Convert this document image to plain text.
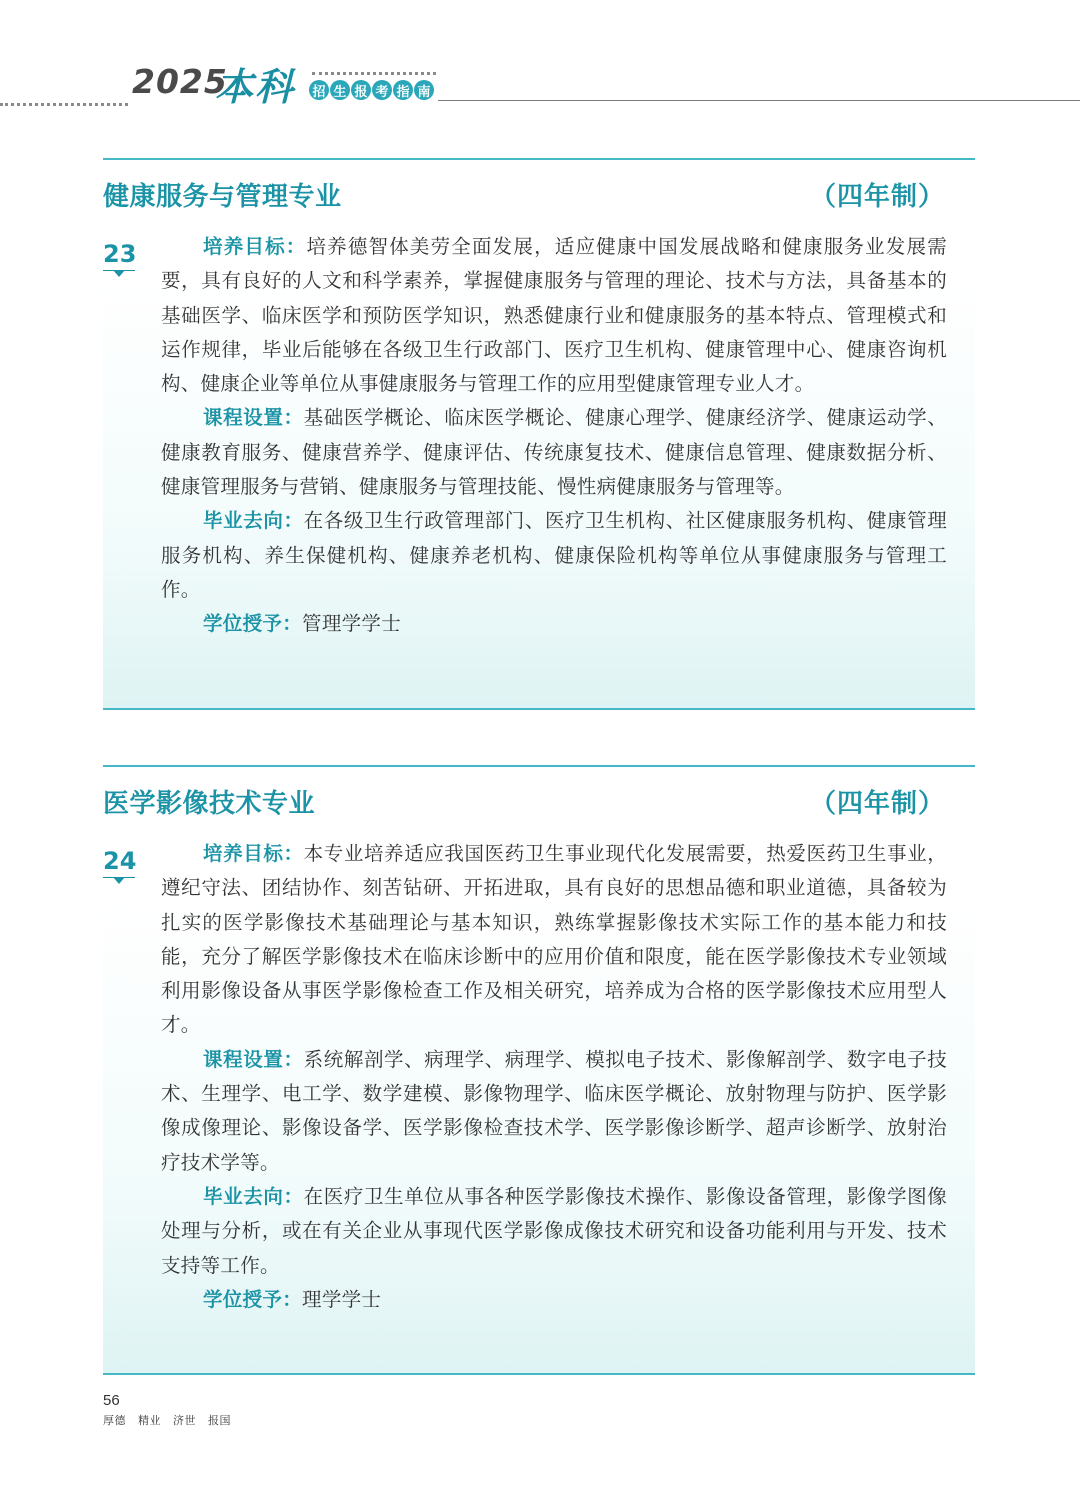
2025
本科 招 生 报 考 指 南
健康服务与管理专业	（四年制）
23	培养目标：培养德智体美劳全面发展，适应健康中国发展战略和健康服务业发展需要，具有良好的人文和科学素养，掌握健康服务与管理的理论、技术与方法，具备基本的基础医学、临床医学和预防医学知识，熟悉健康行业和健康服务的基本特点、管理模式和运作规律，毕业后能够在各级卫生行政部门、医疗卫生机构、健康管理中心、健康咨询机构、健康企业等单位从事健康服务与管理工作的应用型健康管理专业人才。

课程设置：基础医学概论、临床医学概论、健康心理学、健康经济学、健康运动学、健康教育服务、健康营养学、健康评估、传统康复技术、健康信息管理、健康数据分析、健康管理服务与营销、健康服务与管理技能、慢性病健康服务与管理等。

毕业去向：在各级卫生行政管理部门、医疗卫生机构、社区健康服务机构、健康管理服务机构、养生保健机构、健康养老机构、健康保险机构等单位从事健康服务与管理工作。

学位授予：管理学学士

医学影像技术专业	（四年制）
24	培养目标：本专业培养适应我国医药卫生事业现代化发展需要，热爱医药卫生事业，遵纪守法、团结协作、刻苦钻研、开拓进取，具有良好的思想品德和职业道德，具备较为扎实的医学影像技术基础理论与基本知识，熟练掌握影像技术实际工作的基本能力和技能，充分了解医学影像技术在临床诊断中的应用价值和限度，能在医学影像技术专业领域利用影像设备从事医学影像检查工作及相关研究，培养成为合格的医学影像技术应用型人才。

课程设置：系统解剖学、病理学、病理学、模拟电子技术、影像解剖学、数字电子技术、生理学、电工学、数学建模、影像物理学、临床医学概论、放射物理与防护、医学影像成像理论、影像设备学、医学影像检查技术学、医学影像诊断学、超声诊断学、放射治疗技术学等。

毕业去向：在医疗卫生单位从事各种医学影像技术操作、影像设备管理，影像学图像处理与分析，或在有关企业从事现代医学影像成像技术研究和设备功能利用与开发、技术支持等工作。

学位授予：理学学士

56
厚德 精业 济世 报国
